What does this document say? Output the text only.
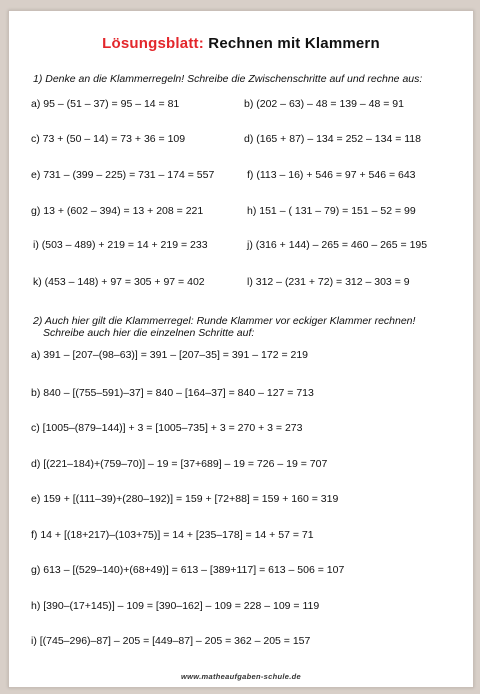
Lösungsblatt: Rechnen mit Klammern
1) Denke an die Klammerregeln! Schreibe die Zwischenschritte auf und rechne aus:
a) 95 – (51 – 37) = 95 – 14 = 81	b) (202 – 63) – 48 = 139 – 48 = 91
c) 73 + (50 – 14) = 73 + 36 = 109	d) (165 + 87) – 134 = 252 – 134 = 118
e) 731 – (399 – 225) = 731 – 174 = 557	f) (113 – 16) + 546 = 97 + 546 = 643
g) 13 + (602 – 394) = 13 + 208 = 221	h) 151 – ( 131 – 79) = 151 – 52 = 99
i) (503 – 489) + 219 = 14 + 219 = 233	j) (316 + 144) – 265 = 460 – 265 = 195
k) (453 – 148) + 97 = 305 + 97 = 402	l) 312 – (231 + 72) = 312 – 303 = 9
2) Auch hier gilt die Klammerregel: Runde Klammer vor eckiger Klammer rechnen!
Schreibe auch hier die einzelnen Schritte auf:
a) 391 – [207–(98–63)] = 391 – [207–35] = 391 – 172 = 219
b) 840 – [(755–591)–37] = 840 – [164–37] = 840 – 127 = 713
c) [1005–(879–144)] + 3 = [1005–735] + 3 = 270 + 3 = 273
d) [(221–184)+(759–70)] – 19 = [37+689] – 19 = 726 – 19 = 707
e) 159 + [(111–39)+(280–192)] = 159 + [72+88] = 159 + 160 = 319
f) 14 + [(18+217)–(103+75)] = 14 + [235–178] = 14 + 57 = 71
g) 613 – [(529–140)+(68+49)] = 613 – [389+117] = 613 – 506 = 107
h) [390–(17+145)] – 109 = [390–162] – 109 = 228 – 109 = 119
i) [(745–296)–87] – 205 = [449–87] – 205 = 362 – 205 = 157
www.matheaufgaben-schule.de
